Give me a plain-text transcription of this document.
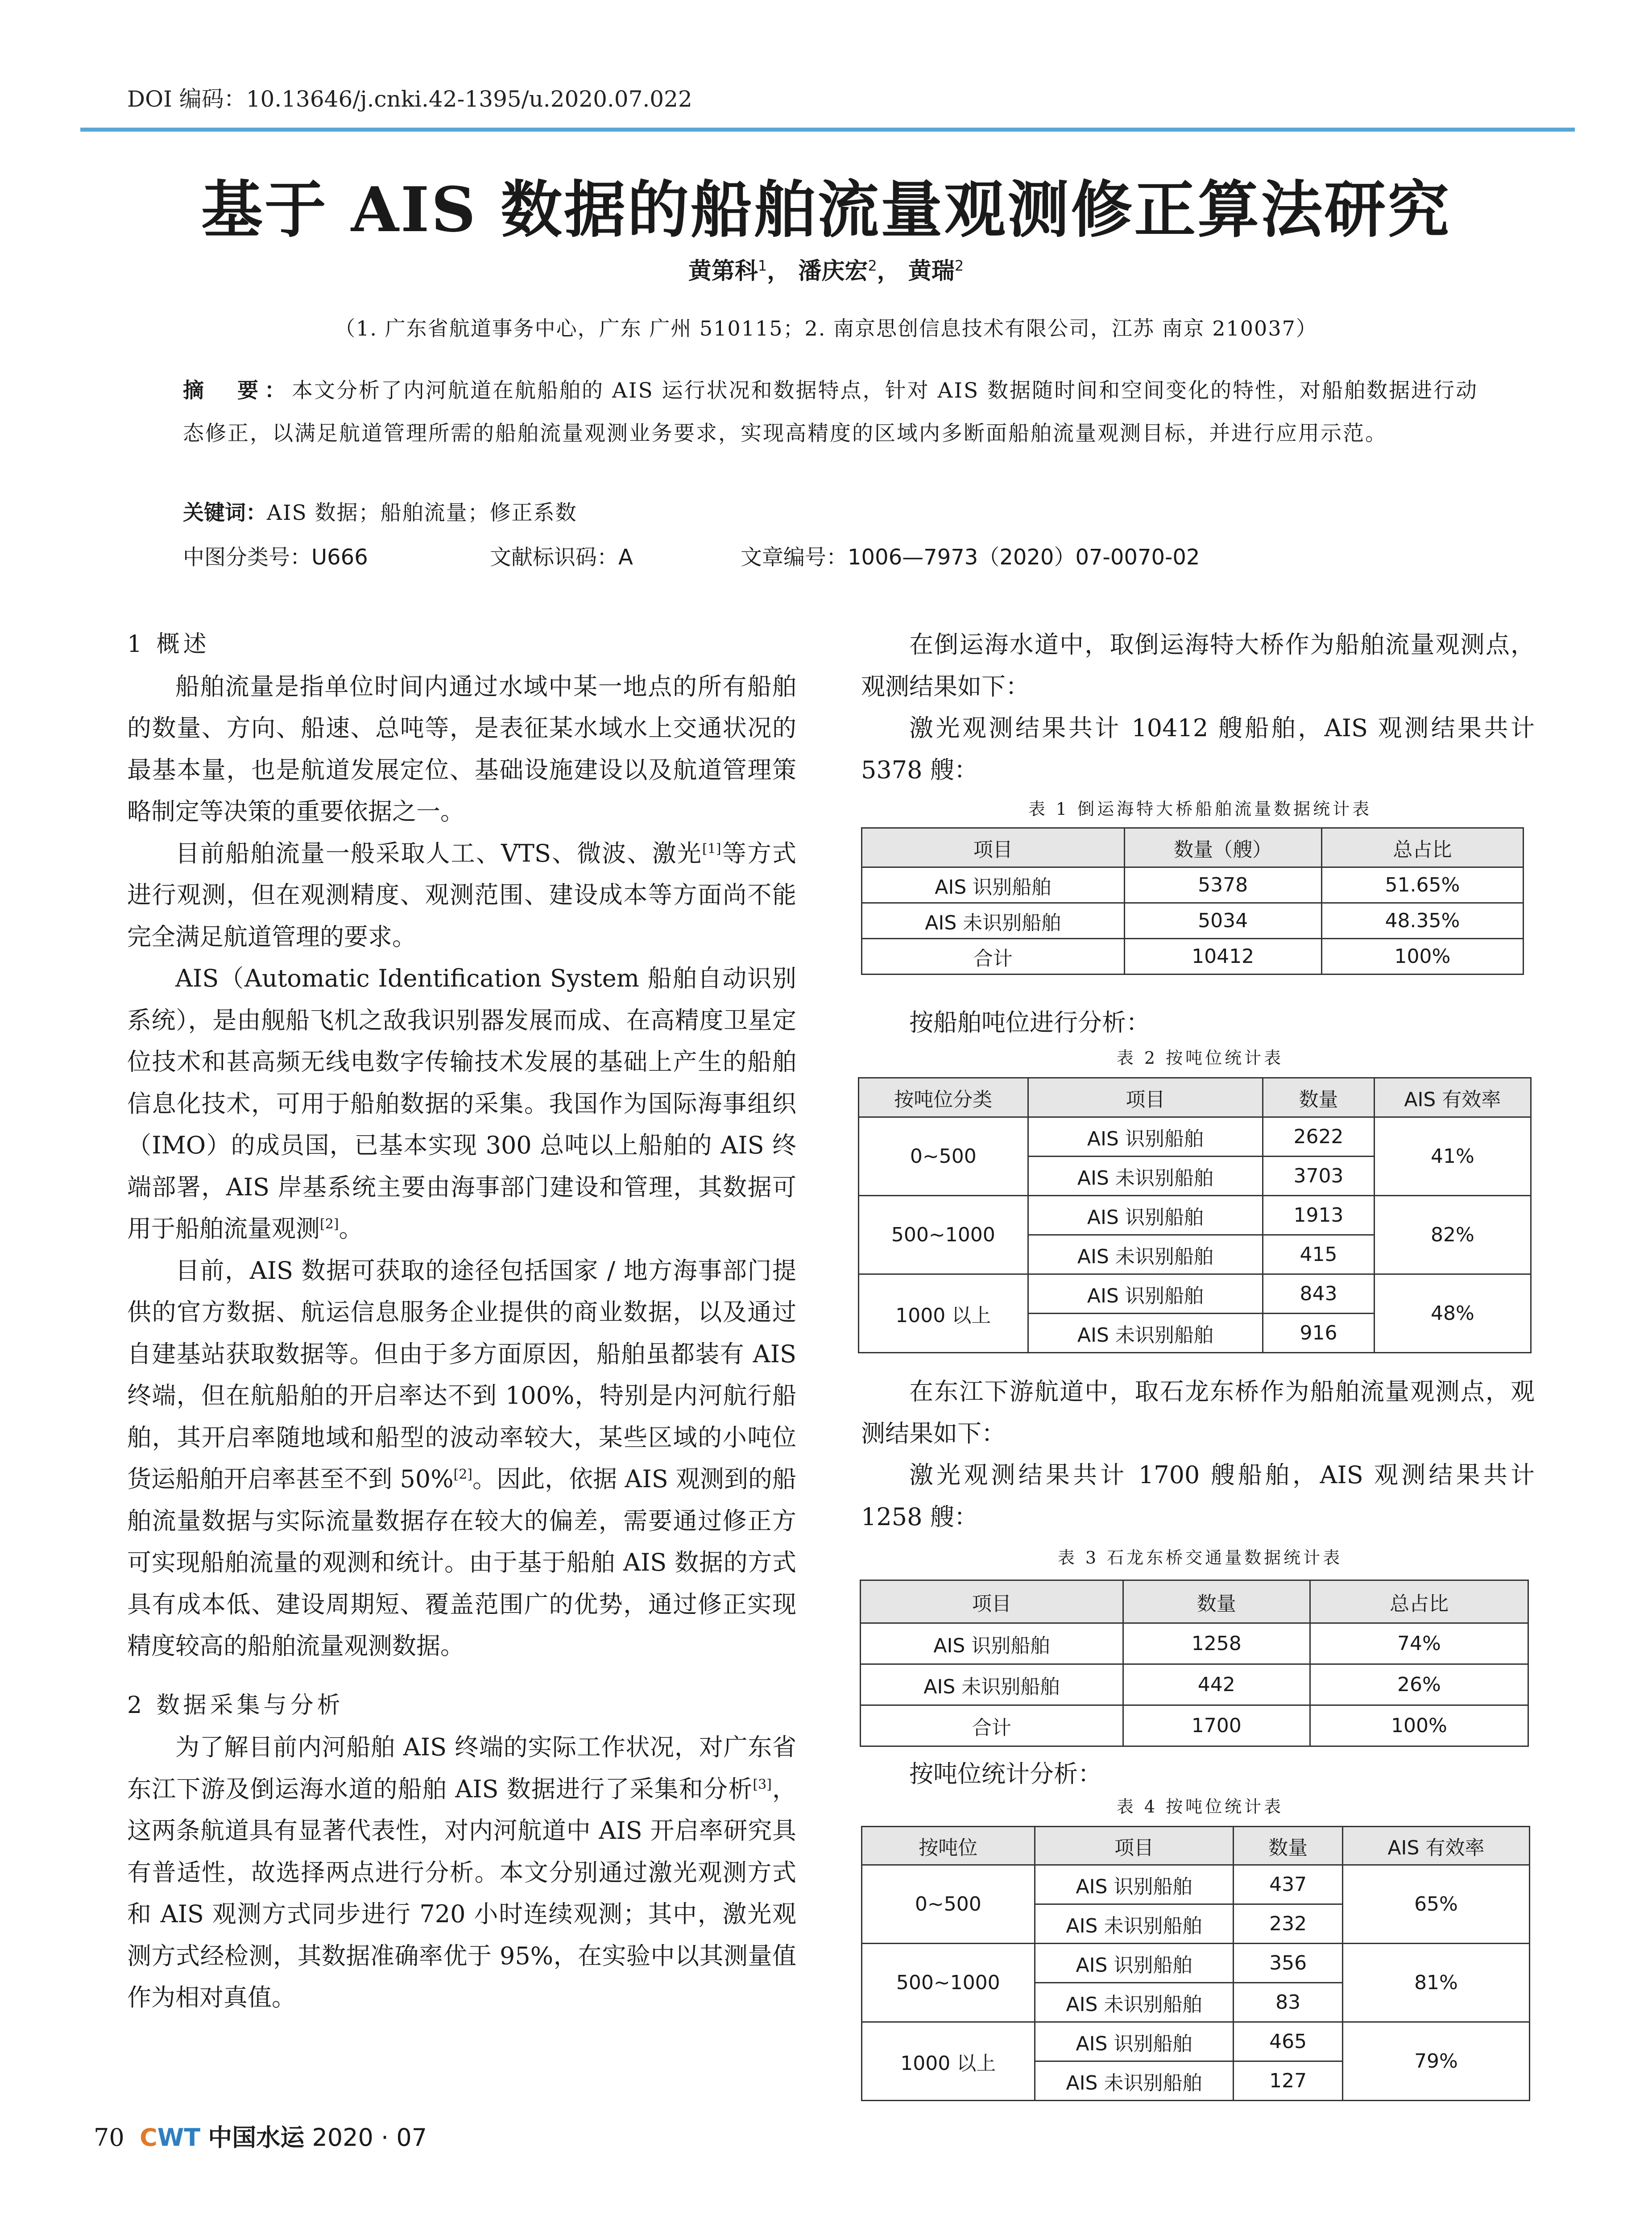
DOI 编码：10.13646/j.cnki.42-1395/u.2020.07.022
基于 AIS 数据的船舶流量观测修正算法研究
黄第科$^1$， 潘庆宏$^2$， 黄瑞$^2$
（1. 广东省航道事务中心，广东 广州 510115；2. 南京思创信息技术有限公司，江苏 南京 210037）
摘　要：本文分析了内河航道在航船舶的 AIS 运行状况和数据特点，针对 AIS 数据随时间和空间变化的特性，对船舶数据进行动态修正，以满足航道管理所需的船舶流量观测业务要求，实现高精度的区域内多断面船舶流量观测目标，并进行应用示范。
关键词：AIS 数据；船舶流量；修正系数
中图分类号：U666	文献标识码：A	文章编号：1006—7973（2020）07-0070-02
1 概述

船舶流量是指单位时间内通过水域中某一地点的所有船舶的数量、方向、船速、总吨等，是表征某水域水上交通状况的最基本量，也是航道发展定位、基础设施建设以及航道管理策略制定等决策的重要依据之一。

目前船舶流量一般采取人工、VTS、微波、激光[1]等方式进行观测，但在观测精度、观测范围、建设成本等方面尚不能完全满足航道管理的要求。

AIS（Automatic Identification System 船舶自动识别系统），是由舰船飞机之敌我识别器发展而成、在高精度卫星定位技术和甚高频无线电数字传输技术发展的基础上产生的船舶信息化技术，可用于船舶数据的采集。我国作为国际海事组织（IMO）的成员国，已基本实现 300 总吨以上船舶的 AIS 终端部署，AIS 岸基系统主要由海事部门建设和管理，其数据可用于船舶流量观测[2]。

目前，AIS 数据可获取的途径包括国家 / 地方海事部门提供的官方数据、航运信息服务企业提供的商业数据，以及通过自建基站获取数据等。但由于多方面原因，船舶虽都装有 AIS 终端，但在航船舶的开启率达不到 100%，特别是内河航行船舶，其开启率随地域和船型的波动率较大，某些区域的小吨位货运船舶开启率甚至不到 50%[2]。因此，依据 AIS 观测到的船舶流量数据与实际流量数据存在较大的偏差，需要通过修正方可实现船舶流量的观测和统计。由于基于船舶 AIS 数据的方式具有成本低、建设周期短、覆盖范围广的优势，通过修正实现精度较高的船舶流量观测数据。

2 数据采集与分析

为了解目前内河船舶 AIS 终端的实际工作状况，对广东省东江下游及倒运海水道的船舶 AIS 数据进行了采集和分析[3]，这两条航道具有显著代表性，对内河航道中 AIS 开启率研究具有普适性，故选择两点进行分析。本文分别通过激光观测方式和 AIS 观测方式同步进行 720 小时连续观测；其中，激光观测方式经检测，其数据准确率优于 95%，在实验中以其测量值作为相对真值。

在倒运海水道中，取倒运海特大桥作为船舶流量观测点，观测结果如下：

激光观测结果共计 10412 艘船舶，AIS 观测结果共计 5378 艘：

表 1 倒运海特大桥船舶流量数据统计表
项目	数量（艘）	总占比
AIS 识别船舶	5378	51.65%
AIS 未识别船舶	5034	48.35%
合计	10412	100%

按船舶吨位进行分析：

表 2 按吨位统计表
按吨位分类	项目	数量	AIS 有效率
0~500	AIS 识别船舶	2622	41%
	AIS 未识别船舶	3703	
500~1000	AIS 识别船舶	1913	82%
	AIS 未识别船舶	415	
1000 以上	AIS 识别船舶	843	48%
	AIS 未识别船舶	916	

在东江下游航道中，取石龙东桥作为船舶流量观测点，观测结果如下：

激光观测结果共计 1700 艘船舶，AIS 观测结果共计 1258 艘：

表 3 石龙东桥交通量数据统计表
项目	数量	总占比
AIS 识别船舶	1258	74%
AIS 未识别船舶	442	26%
合计	1700	100%

按吨位统计分析：

表 4 按吨位统计表
按吨位	项目	数量	AIS 有效率
0~500	AIS 识别船舶	437	65%
	AIS 未识别船舶	232	
500~1000	AIS 识别船舶	356	81%
	AIS 未识别船舶	83	
1000 以上	AIS 识别船舶	465	79%
	AIS 未识别船舶	127	
70 CWT 中国水运 2020 · 07
